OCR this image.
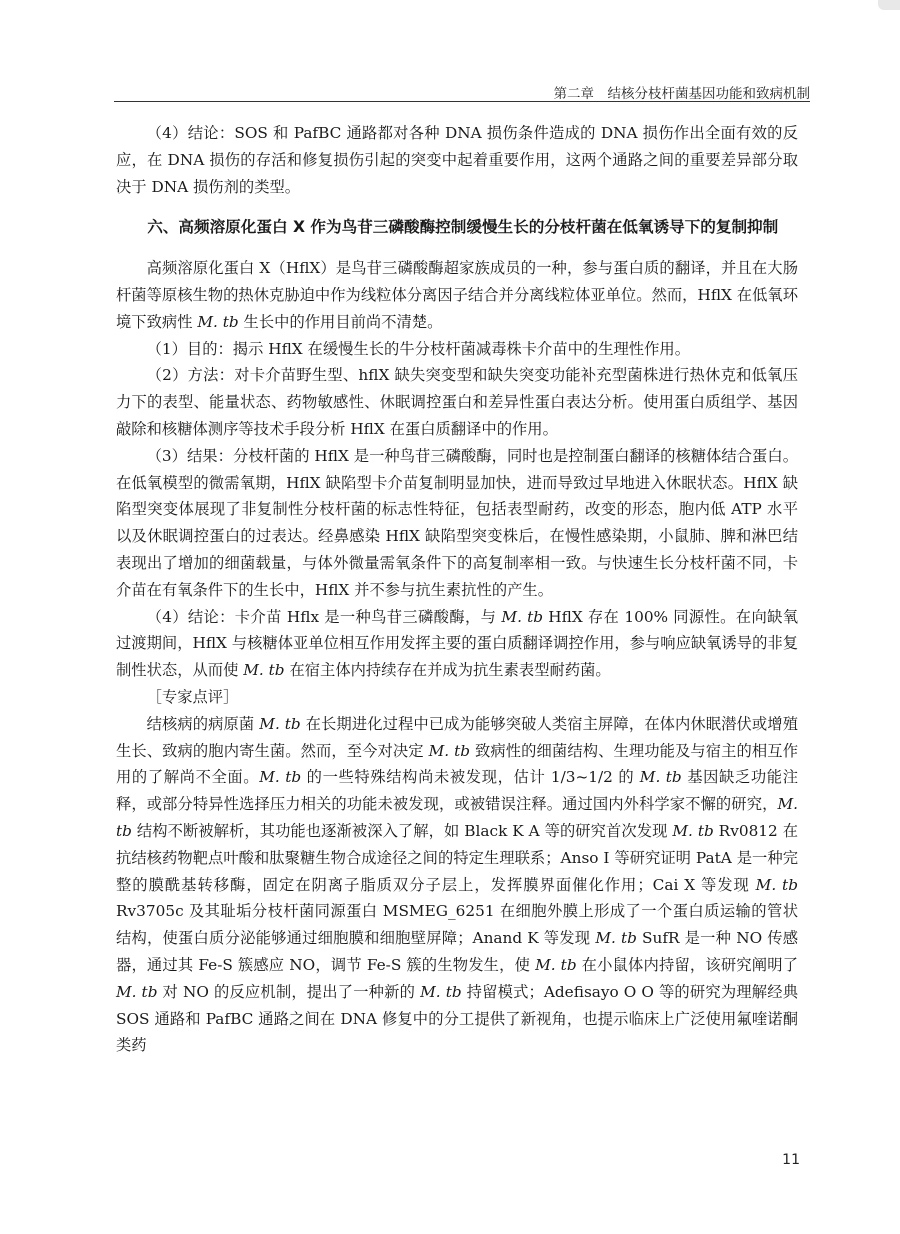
第二章　结核分枝杆菌基因功能和致病机制

（4）结论：SOS 和 PafBC 通路都对各种 DNA 损伤条件造成的 DNA 损伤作出全面有效的反应，在 DNA 损伤的存活和修复损伤引起的突变中起着重要作用，这两个通路之间的重要差异部分取决于 DNA 损伤剂的类型。

六、高频溶原化蛋白 X 作为鸟苷三磷酸酶控制缓慢生长的分枝杆菌在低氧诱导下的复制抑制

高频溶原化蛋白 X（HflX）是鸟苷三磷酸酶超家族成员的一种，参与蛋白质的翻译，并且在大肠杆菌等原核生物的热休克胁迫中作为线粒体分离因子结合并分离线粒体亚单位。然而，HflX 在低氧环境下致病性 M. tb 生长中的作用目前尚不清楚。

（1）目的：揭示 HflX 在缓慢生长的牛分枝杆菌减毒株卡介苗中的生理性作用。

（2）方法：对卡介苗野生型、hflX 缺失突变型和缺失突变功能补充型菌株进行热休克和低氧压力下的表型、能量状态、药物敏感性、休眠调控蛋白和差异性蛋白表达分析。使用蛋白质组学、基因敲除和核糖体测序等技术手段分析 HflX 在蛋白质翻译中的作用。

（3）结果：分枝杆菌的 HflX 是一种鸟苷三磷酸酶，同时也是控制蛋白翻译的核糖体结合蛋白。在低氧模型的微需氧期，HflX 缺陷型卡介苗复制明显加快，进而导致过早地进入休眠状态。HflX 缺陷型突变体展现了非复制性分枝杆菌的标志性特征，包括表型耐药，改变的形态，胞内低 ATP 水平以及休眠调控蛋白的过表达。经鼻感染 HflX 缺陷型突变株后，在慢性感染期，小鼠肺、脾和淋巴结表现出了增加的细菌载量，与体外微量需氧条件下的高复制率相一致。与快速生长分枝杆菌不同，卡介苗在有氧条件下的生长中，HflX 并不参与抗生素抗性的产生。

（4）结论：卡介苗 Hflx 是一种鸟苷三磷酸酶，与 M. tb HflX 存在 100% 同源性。在向缺氧过渡期间，HflX 与核糖体亚单位相互作用发挥主要的蛋白质翻译调控作用，参与响应缺氧诱导的非复制性状态，从而使 M. tb 在宿主体内持续存在并成为抗生素表型耐药菌。

［专家点评］

结核病的病原菌 M. tb 在长期进化过程中已成为能够突破人类宿主屏障，在体内休眠潜伏或增殖生长、致病的胞内寄生菌。然而，至今对决定 M. tb 致病性的细菌结构、生理功能及与宿主的相互作用的了解尚不全面。M. tb 的一些特殊结构尚未被发现，估计 1/3~1/2 的 M. tb 基因缺乏功能注释，或部分特异性选择压力相关的功能未被发现，或被错误注释。通过国内外科学家不懈的研究，M. tb 结构不断被解析，其功能也逐渐被深入了解，如 Black K A 等的研究首次发现 M. tb Rv0812 在抗结核药物靶点叶酸和肽聚糖生物合成途径之间的特定生理联系；Anso I 等研究证明 PatA 是一种完整的膜酰基转移酶，固定在阴离子脂质双分子层上，发挥膜界面催化作用；Cai X 等发现 M. tb Rv3705c 及其耻垢分枝杆菌同源蛋白 MSMEG_6251 在细胞外膜上形成了一个蛋白质运输的管状结构，使蛋白质分泌能够通过细胞膜和细胞壁屏障；Anand K 等发现 M. tb SufR 是一种 NO 传感器，通过其 Fe-S 簇感应 NO，调节 Fe-S 簇的生物发生，使 M. tb 在小鼠体内持留，该研究阐明了 M. tb 对 NO 的反应机制，提出了一种新的 M. tb 持留模式；Adefisayo O O 等的研究为理解经典 SOS 通路和 PafBC 通路之间在 DNA 修复中的分工提供了新视角，也提示临床上广泛使用氟喹诺酮类药

11
